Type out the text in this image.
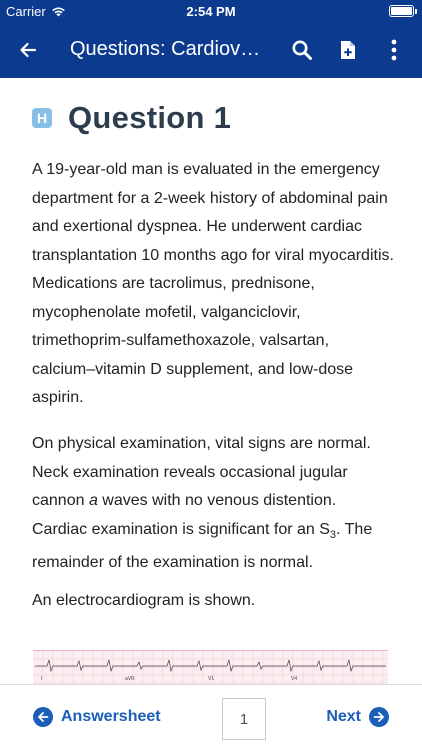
Carrier	2:54 PM
Questions: Cardiov…
H Question 1
A 19-year-old man is evaluated in the emergency department for a 2-week history of abdominal pain and exertional dyspnea. He underwent cardiac transplantation 10 months ago for viral myocarditis. Medications are tacrolimus, prednisone, mycophenolate mofetil, valganciclovir, trimethoprim-sulfamethoxazole, valsartan, calcium–vitamin D supplement, and low-dose aspirin.
On physical examination, vital signs are normal. Neck examination reveals occasional jugular cannon a waves with no venous distention. Cardiac examination is significant for an $S_3$. The remainder of the examination is normal.
An electrocardiogram is shown.
I	aVR	V1	V4
Answersheet	1	Next
